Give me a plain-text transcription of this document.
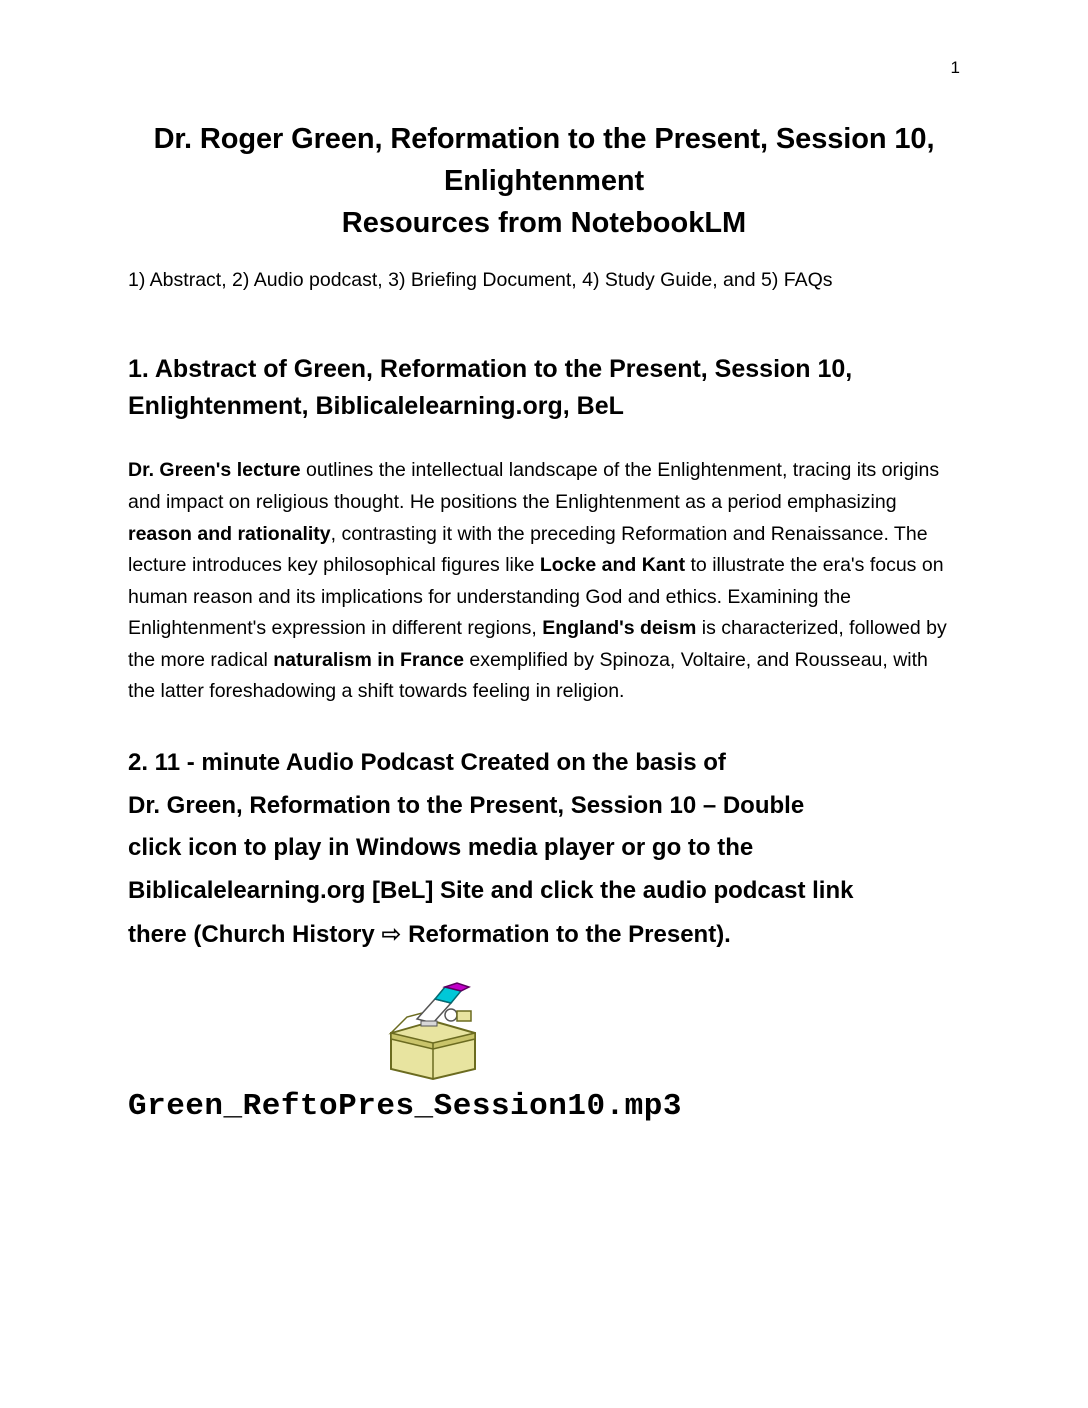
1
Dr. Roger Green, Reformation to the Present, Session 10,
Enlightenment
Resources from NotebookLM

1) Abstract, 2) Audio podcast, 3) Briefing Document, 4) Study Guide, and 5) FAQs

1. Abstract of Green, Reformation to the Present, Session 10, Enlightenment, Biblicalelearning.org, BeL

Dr. Green's lecture outlines the intellectual landscape of the Enlightenment, tracing its origins and impact on religious thought. He positions the Enlightenment as a period emphasizing reason and rationality, contrasting it with the preceding Reformation and Renaissance. The lecture introduces key philosophical figures like Locke and Kant to illustrate the era's focus on human reason and its implications for understanding God and ethics. Examining the Enlightenment's expression in different regions, England's deism is characterized, followed by the more radical naturalism in France exemplified by Spinoza, Voltaire, and Rousseau, with the latter foreshadowing a shift towards feeling in religion.

2. 11 - minute Audio Podcast Created on the basis of
Dr. Green, Reformation to the Present, Session 10 – Double
click icon to play in Windows media player or go to the
Biblicalelearning.org [BeL] Site and click the audio podcast link
there (Church History ⇨ Reformation to the Present).
Green_ReftoPres_Session10.mp3
